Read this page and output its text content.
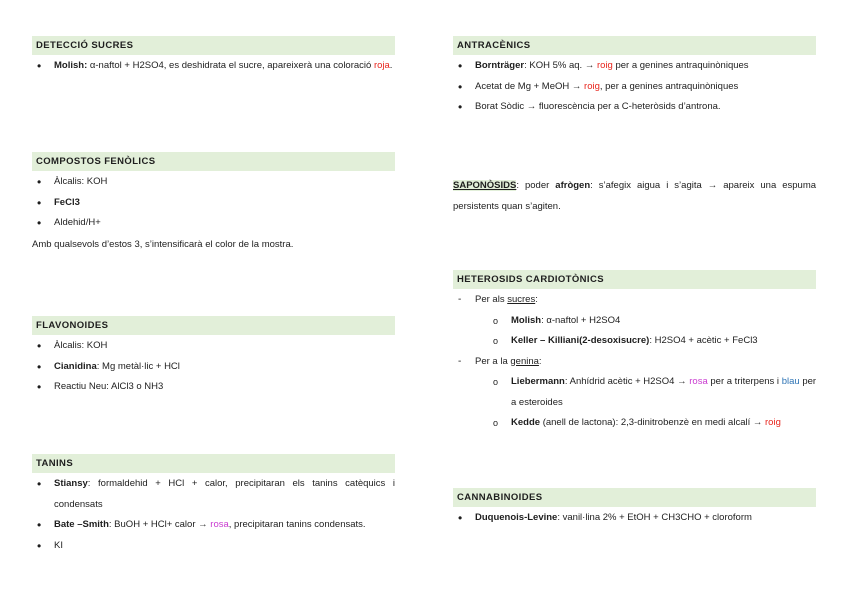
DETECCIÓ SUCRES
• Molish: α-naftol + H2SO4, es deshidrata el sucre, apareixerà una coloració roja.
COMPOSTOS FENÒLICS
• Àlcalis: KOH
• FeCl3
• Aldehid/H+

Amb qualsevols d’estos 3, s’intensificarà el color de la mostra.

FLAVONOIDES
• Àlcalis: KOH
• Cianidina: Mg metàl·lic + HCl
• Reactiu Neu: AlCl3 o NH3
TANINS
• Stiansy: formaldehid + HCl + calor, precipitaran els tanins catèquics i condensats
• Bate –Smith: BuOH + HCl+ calor → rosa, precipitaran tanins condensats.
• KI
ANTRACÈNICS
• Bornträger: KOH 5% aq. → roig per a genines antraquinòniques
• Acetat de Mg + MeOH → roig, per a genines antraquinòniques
• Borat Sòdic → fluorescència per a C-heteròsids d’antrona.

SAPONÒSIDS: poder afrògen: s’afegix aigua i s’agita → apareix una espuma persistents quan s’agiten.

HETEROSIDS CARDIOTÒNICS
- Per als sucres:
o Molish: α-naftol + H2SO4
o Keller – Killiani(2-desoxisucre): H2SO4 + acètic + FeCl3
- Per a la genina:
o Liebermann: Anhídrid acètic + H2SO4 → rosa per a triterpens i blau per a esteroides
o Kedde (anell de lactona): 2,3-dinitrobenzè en medi alcalí → roig
CANNABINOIDES
• Duquenois-Levine: vanil·lina 2% + EtOH + CH3CHO + cloroform
